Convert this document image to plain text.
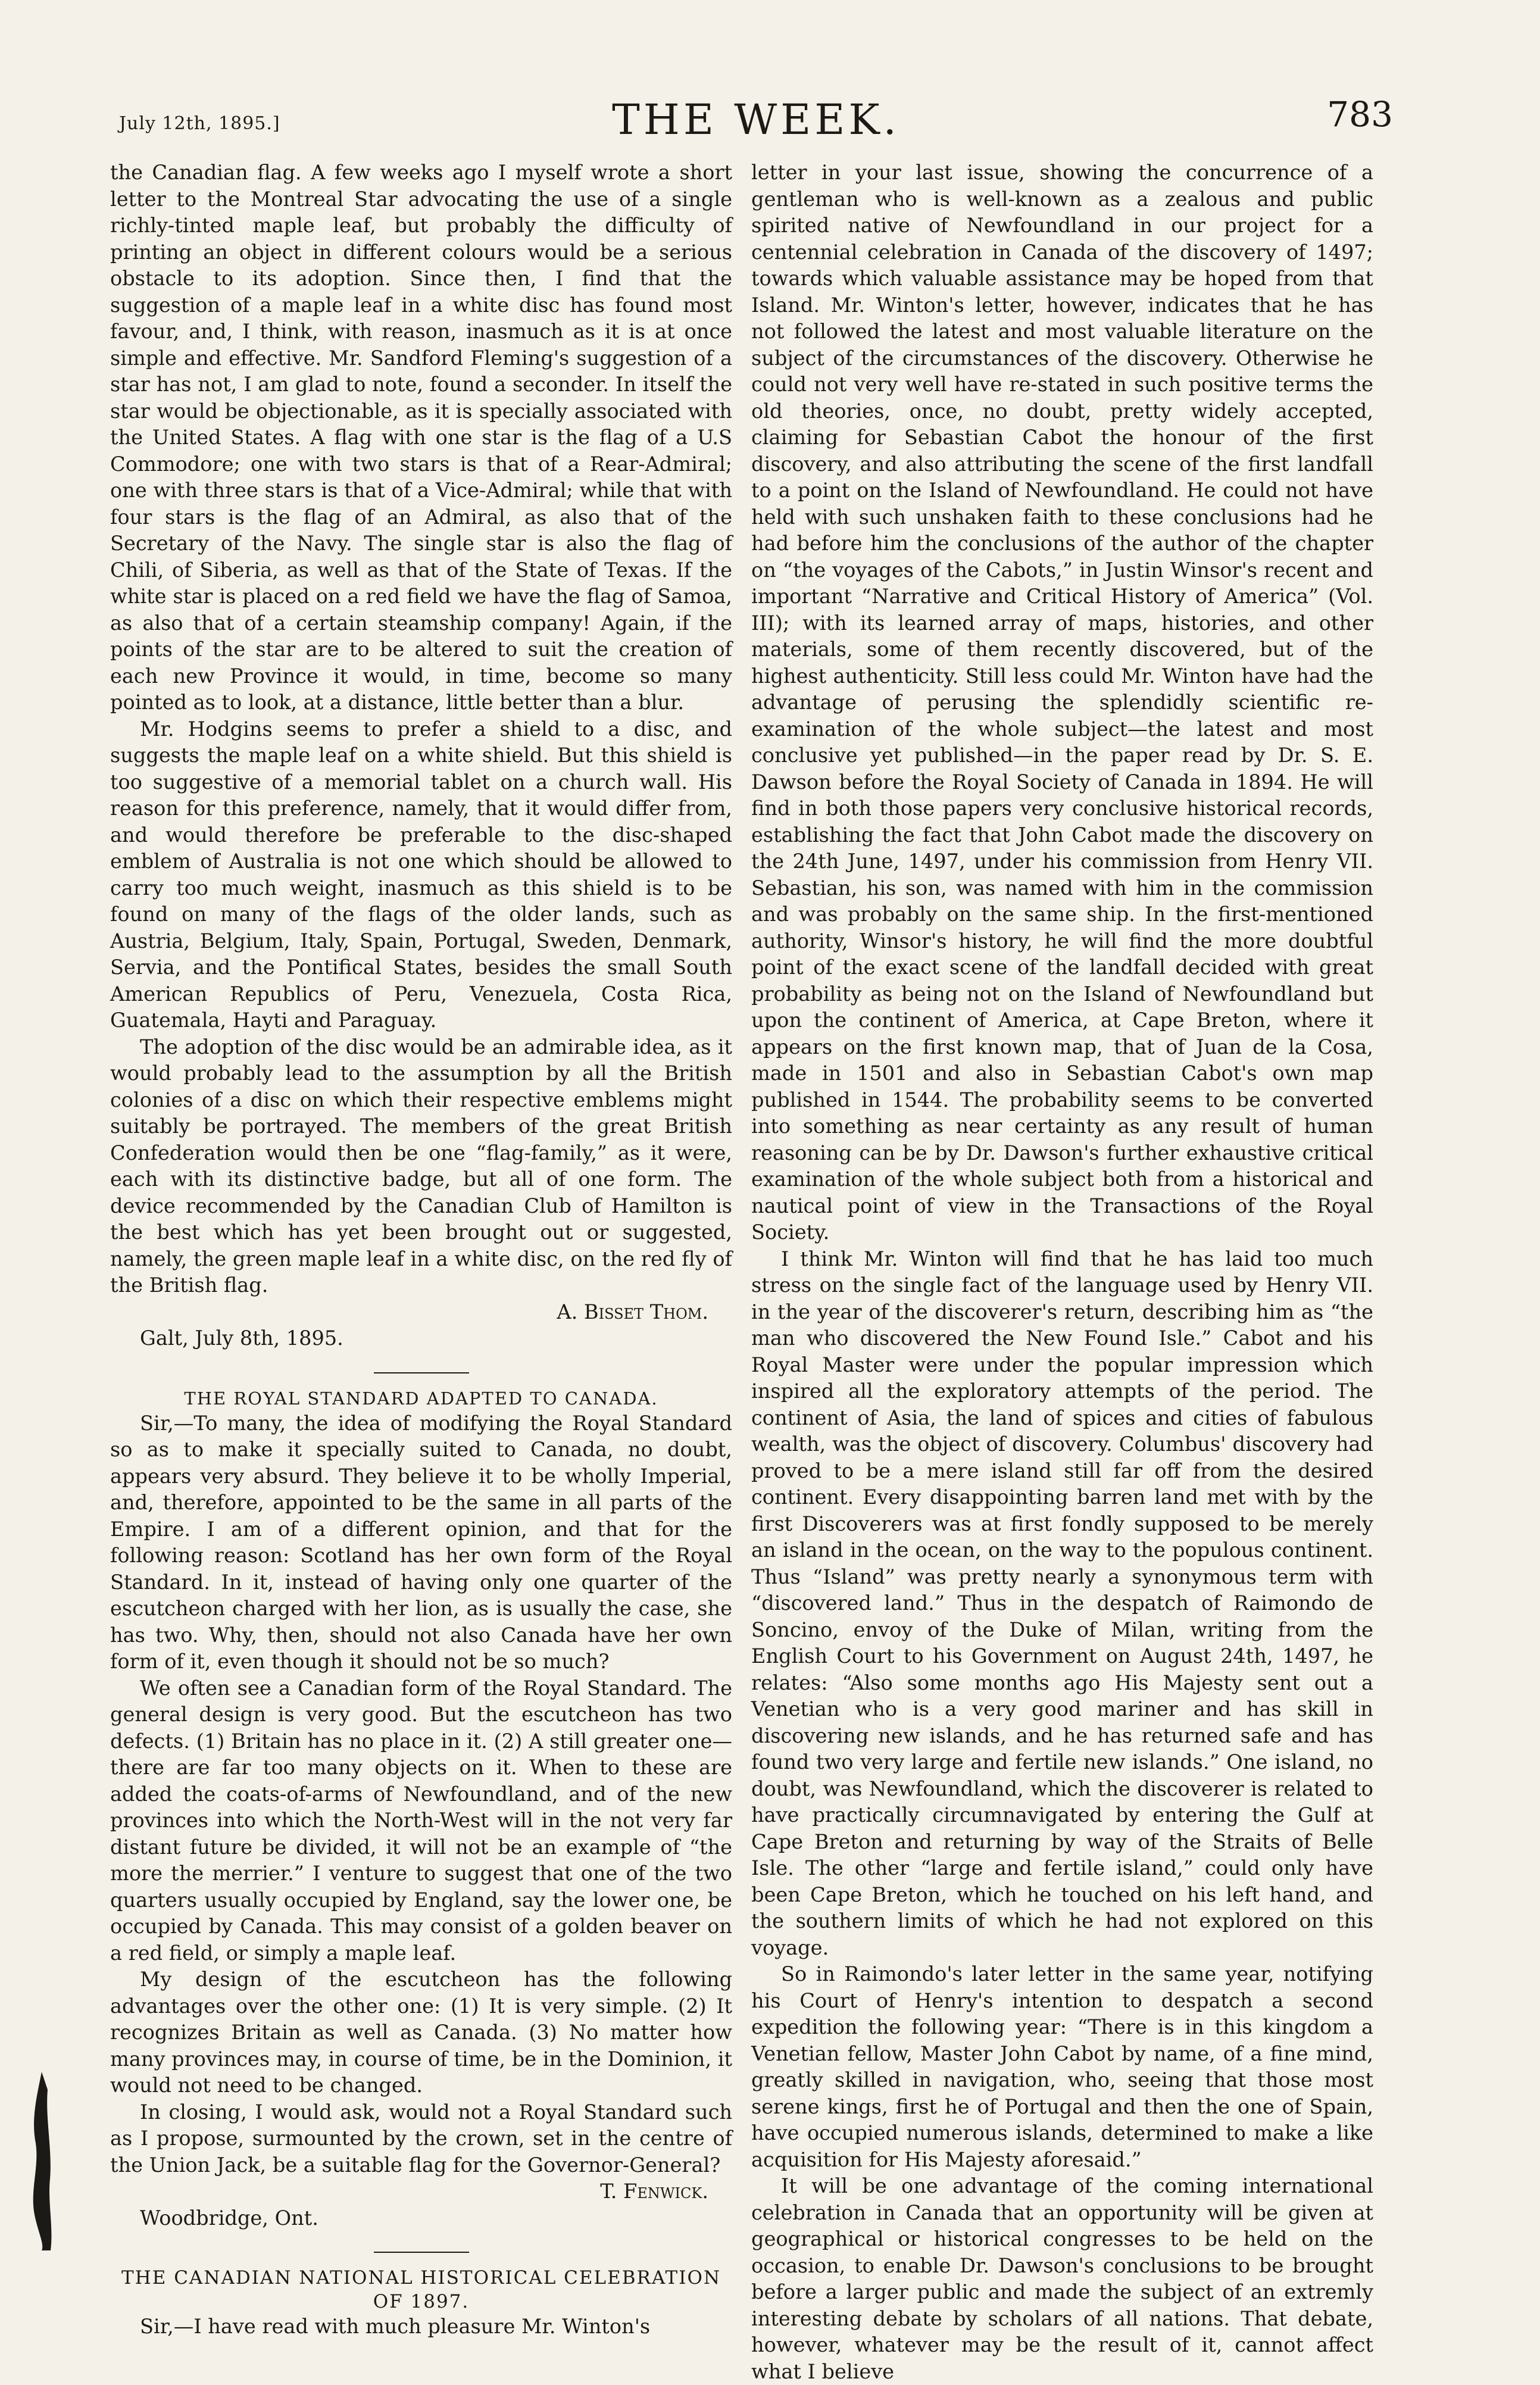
July 12th, 1895.]	THE WEEK.	783

the Canadian flag. A few weeks ago I myself wrote a short letter to the Montreal Star advocating the use of a single richly-tinted maple leaf, but probably the difficulty of printing an object in different colours would be a serious obstacle to its adoption. Since then, I find that the suggestion of a maple leaf in a white disc has found most favour, and, I think, with reason, inasmuch as it is at once simple and effective. Mr. Sandford Fleming's suggestion of a star has not, I am glad to note, found a seconder. In itself the star would be objectionable, as it is specially associated with the United States. A flag with one star is the flag of a U.S Commodore; one with two stars is that of a Rear-Admiral; one with three stars is that of a Vice-Admiral; while that with four stars is the flag of an Admiral, as also that of the Secretary of the Navy. The single star is also the flag of Chili, of Siberia, as well as that of the State of Texas. If the white star is placed on a red field we have the flag of Samoa, as also that of a certain steamship company! Again, if the points of the star are to be altered to suit the creation of each new Province it would, in time, become so many pointed as to look, at a distance, little better than a blur.

Mr. Hodgins seems to prefer a shield to a disc, and suggests the maple leaf on a white shield. But this shield is too suggestive of a memorial tablet on a church wall. His reason for this preference, namely, that it would differ from, and would therefore be preferable to the disc-shaped emblem of Australia is not one which should be allowed to carry too much weight, inasmuch as this shield is to be found on many of the flags of the older lands, such as Austria, Belgium, Italy, Spain, Portugal, Sweden, Denmark, Servia, and the Pontifical States, besides the small South American Republics of Peru, Venezuela, Costa Rica, Guatemala, Hayti and Paraguay.

The adoption of the disc would be an admirable idea, as it would probably lead to the assumption by all the British colonies of a disc on which their respective emblems might suitably be portrayed. The members of the great British Confederation would then be one “flag-family,” as it were, each with its distinctive badge, but all of one form. The device recommended by the Canadian Club of Hamilton is the best which has yet been brought out or suggested, namely, the green maple leaf in a white disc, on the red fly of the British flag.

A. Bisset Thom.

Galt, July 8th, 1895.

THE ROYAL STANDARD ADAPTED TO CANADA.

Sir,—To many, the idea of modifying the Royal Standard so as to make it specially suited to Canada, no doubt, appears very absurd. They believe it to be wholly Imperial, and, therefore, appointed to be the same in all parts of the Empire. I am of a different opinion, and that for the following reason: Scotland has her own form of the Royal Standard. In it, instead of having only one quarter of the escutcheon charged with her lion, as is usually the case, she has two. Why, then, should not also Canada have her own form of it, even though it should not be so much?

We often see a Canadian form of the Royal Standard. The general design is very good. But the escutcheon has two defects. (1) Britain has no place in it. (2) A still greater one—there are far too many objects on it. When to these are added the coats-of-arms of Newfoundland, and of the new provinces into which the North-West will in the not very far distant future be divided, it will not be an example of “the more the merrier.” I venture to suggest that one of the two quarters usually occupied by England, say the lower one, be occupied by Canada. This may consist of a golden beaver on a red field, or simply a maple leaf.

My design of the escutcheon has the following advantages over the other one: (1) It is very simple. (2) It recognizes Britain as well as Canada. (3) No matter how many provinces may, in course of time, be in the Dominion, it would not need to be changed.

In closing, I would ask, would not a Royal Standard such as I propose, surmounted by the crown, set in the centre of the Union Jack, be a suitable flag for the Governor-General?

T. Fenwick.

Woodbridge, Ont.

THE CANADIAN NATIONAL HISTORICAL CELEBRATION OF 1897.

Sir,—I have read with much pleasure Mr. Winton's

letter in your last issue, showing the concurrence of a gentleman who is well-known as a zealous and public spirited native of Newfoundland in our project for a centennial celebration in Canada of the discovery of 1497; towards which valuable assistance may be hoped from that Island. Mr. Winton's letter, however, indicates that he has not followed the latest and most valuable literature on the subject of the circumstances of the discovery. Otherwise he could not very well have re-stated in such positive terms the old theories, once, no doubt, pretty widely accepted, claiming for Sebastian Cabot the honour of the first discovery, and also attributing the scene of the first landfall to a point on the Island of Newfoundland. He could not have held with such unshaken faith to these conclusions had he had before him the conclusions of the author of the chapter on “the voyages of the Cabots,” in Justin Winsor's recent and important “Narrative and Critical History of America” (Vol. III); with its learned array of maps, histories, and other materials, some of them recently discovered, but of the highest authenticity. Still less could Mr. Winton have had the advantage of perusing the splendidly scientific re-examination of the whole subject—the latest and most conclusive yet published—in the paper read by Dr. S. E. Dawson before the Royal Society of Canada in 1894. He will find in both those papers very conclusive historical records, establishing the fact that John Cabot made the discovery on the 24th June, 1497, under his commission from Henry VII. Sebastian, his son, was named with him in the commission and was probably on the same ship. In the first-mentioned authority, Winsor's history, he will find the more doubtful point of the exact scene of the landfall decided with great probability as being not on the Island of Newfoundland but upon the continent of America, at Cape Breton, where it appears on the first known map, that of Juan de la Cosa, made in 1501 and also in Sebastian Cabot's own map published in 1544. The probability seems to be converted into something as near certainty as any result of human reasoning can be by Dr. Dawson's further exhaustive critical examination of the whole subject both from a historical and nautical point of view in the Transactions of the Royal Society.

I think Mr. Winton will find that he has laid too much stress on the single fact of the language used by Henry VII. in the year of the discoverer's return, describing him as “the man who discovered the New Found Isle.” Cabot and his Royal Master were under the popular impression which inspired all the exploratory attempts of the period. The continent of Asia, the land of spices and cities of fabulous wealth, was the object of discovery. Columbus' discovery had proved to be a mere island still far off from the desired continent. Every disappointing barren land met with by the first Discoverers was at first fondly supposed to be merely an island in the ocean, on the way to the populous continent. Thus “Island” was pretty nearly a synonymous term with “discovered land.” Thus in the despatch of Raimondo de Soncino, envoy of the Duke of Milan, writing from the English Court to his Government on August 24th, 1497, he relates: “Also some months ago His Majesty sent out a Venetian who is a very good mariner and has skill in discovering new islands, and he has returned safe and has found two very large and fertile new islands.” One island, no doubt, was Newfoundland, which the discoverer is related to have practically circumnavigated by entering the Gulf at Cape Breton and returning by way of the Straits of Belle Isle. The other “large and fertile island,” could only have been Cape Breton, which he touched on his left hand, and the southern limits of which he had not explored on this voyage.

So in Raimondo's later letter in the same year, notifying his Court of Henry's intention to despatch a second expedition the following year: “There is in this kingdom a Venetian fellow, Master John Cabot by name, of a fine mind, greatly skilled in navigation, who, seeing that those most serene kings, first he of Portugal and then the one of Spain, have occupied numerous islands, determined to make a like acquisition for His Majesty aforesaid.”

It will be one advantage of the coming international celebration in Canada that an opportunity will be given at geographical or historical congresses to be held on the occasion, to enable Dr. Dawson's conclusions to be brought before a larger public and made the subject of an extremly interesting debate by scholars of all nations. That debate, however, whatever may be the result of it, cannot affect what I believe
